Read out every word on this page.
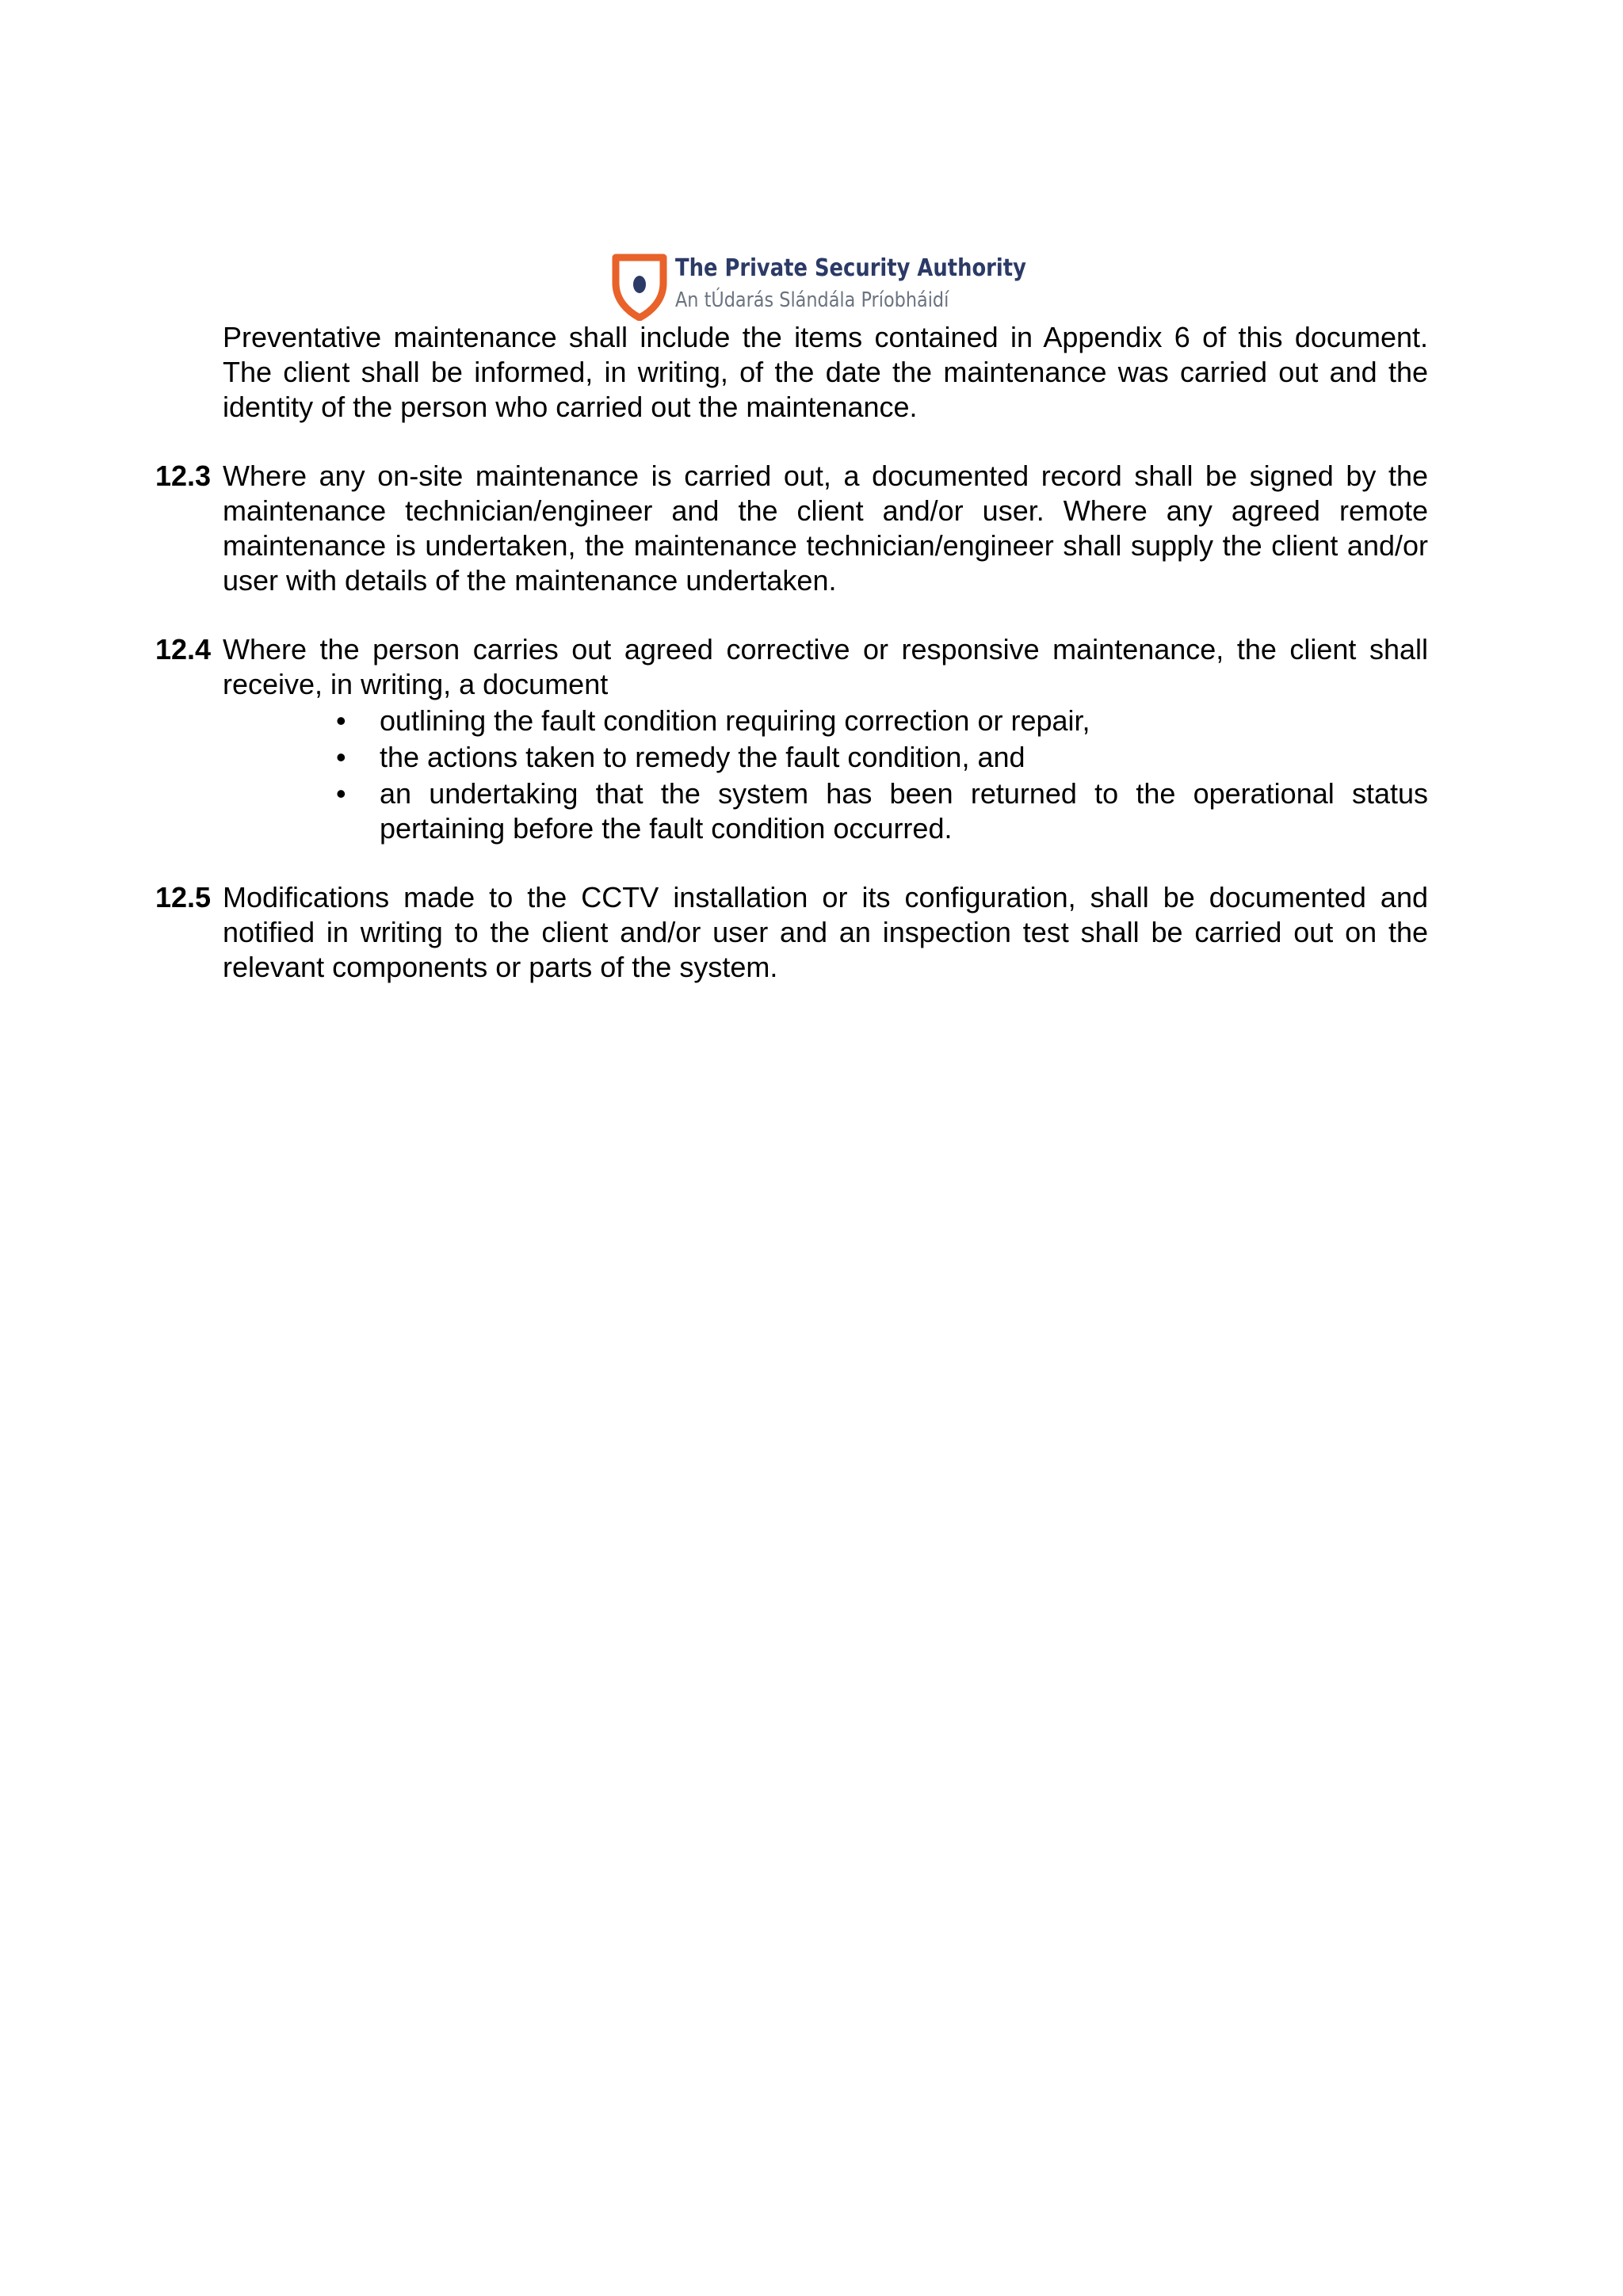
The Private Security Authority
An tÚdarás Slándála Príobháidí

Preventative maintenance shall include the items contained in Appendix 6 of this document. The client shall be informed, in writing, of the date the maintenance was carried out and the identity of the person who carried out the maintenance.

12.3 Where any on-site maintenance is carried out, a documented record shall be signed by the maintenance technician/engineer and the client and/or user. Where any agreed remote maintenance is undertaken, the maintenance technician/engineer shall supply the client and/or user with details of the maintenance undertaken.

12.4 Where the person carries out agreed corrective or responsive maintenance, the client shall receive, in writing, a document

• outlining the fault condition requiring correction or repair,
• the actions taken to remedy the fault condition, and
• an undertaking that the system has been returned to the operational status pertaining before the fault condition occurred.
12.5 Modifications made to the CCTV installation or its configuration, shall be documented and notified in writing to the client and/or user and an inspection test shall be carried out on the relevant components or parts of the system.
